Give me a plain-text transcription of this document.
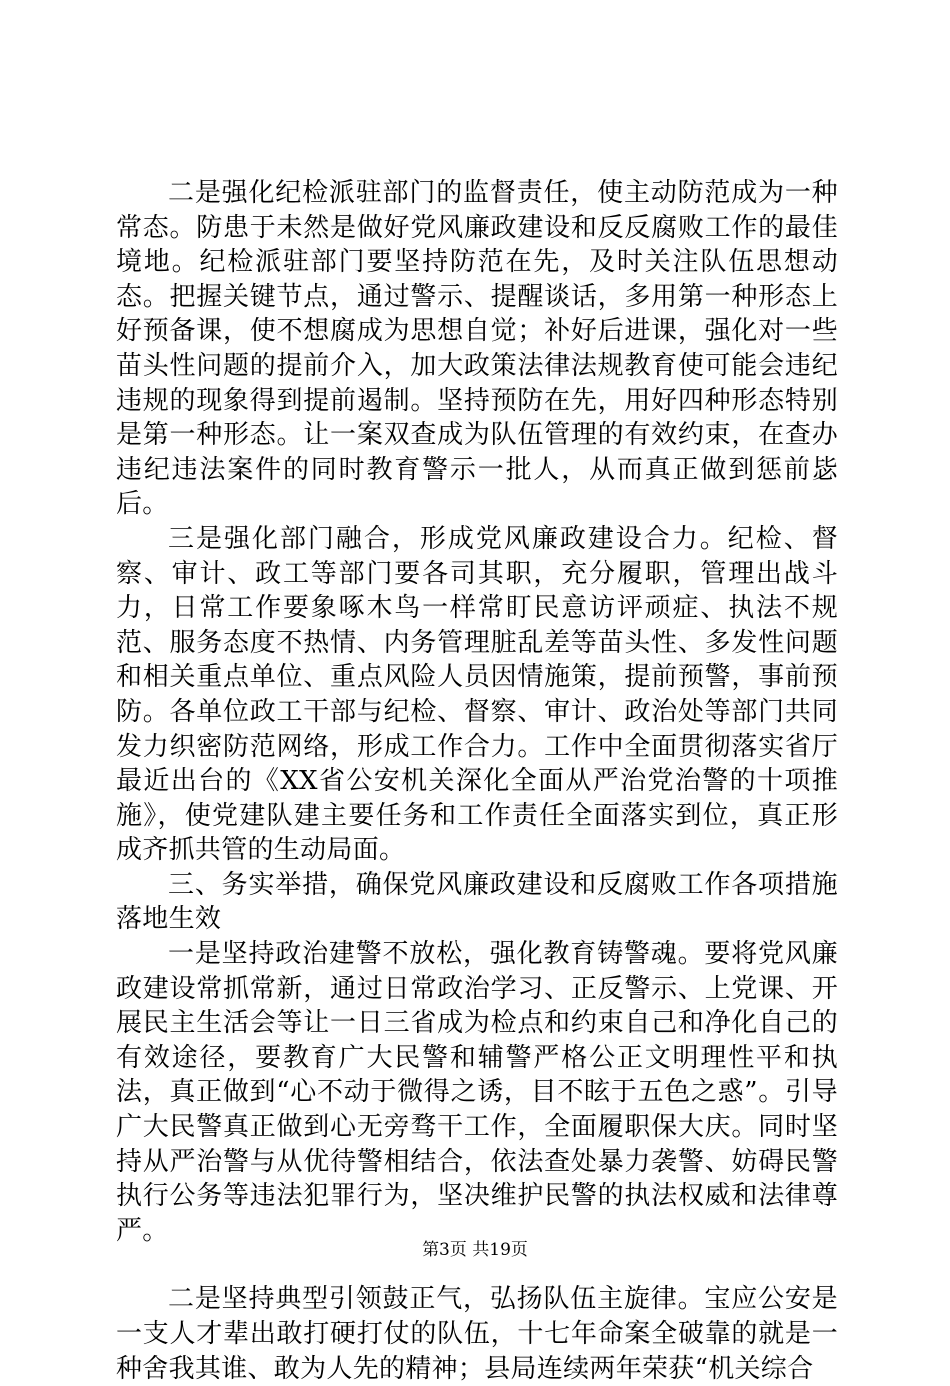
二是强化纪检派驻部门的监督责任，使主动防范成为一种常态。防患于未然是做好党风廉政建设和反反腐败工作的最佳境地。纪检派驻部门要坚持防范在先，及时关注队伍思想动态。把握关键节点，通过警示、提醒谈话，多用第一种形态上好预备课，使不想腐成为思想自觉；补好后进课，强化对一些苗头性问题的提前介入，加大政策法律法规教育使可能会违纪违规的现象得到提前遏制。坚持预防在先，用好四种形态特别是第一种形态。让一案双查成为队伍管理的有效约束，在查办违纪违法案件的同时教育警示一批人，从而真正做到惩前毖后。

三是强化部门融合，形成党风廉政建设合力。纪检、督察、审计、政工等部门要各司其职，充分履职，管理出战斗力，日常工作要象啄木鸟一样常盯民意访评顽症、执法不规范、服务态度不热情、内务管理脏乱差等苗头性、多发性问题和相关重点单位、重点风险人员因情施策，提前预警，事前预防。各单位政工干部与纪检、督察、审计、政治处等部门共同发力织密防范网络，形成工作合力。工作中全面贯彻落实省厅最近出台的《XX省公安机关深化全面从严治党治警的十项推施》，使党建队建主要任务和工作责任全面落实到位，真正形成齐抓共管的生动局面。

三、务实举措，确保党风廉政建设和反腐败工作各项措施落地生效

一是坚持政治建警不放松，强化教育铸警魂。要将党风廉政建设常抓常新，通过日常政治学习、正反警示、上党课、开展民主生活会等让一日三省成为检点和约束自己和净化自己的有效途径，要教育广大民警和辅警严格公正文明理性平和执法，真正做到“心不动于微得之诱，目不眩于五色之惑”。引导广大民警真正做到心无旁骛干工作，全面履职保大庆。同时坚持从严治警与从优待警相结合，依法查处暴力袭警、妨碍民警执行公务等违法犯罪行为，坚决维护民警的执法权威和法律尊严。

二是坚持典型引领鼓正气，弘扬队伍主旋律。宝应公安是一支人才辈出敢打硬打仗的队伍，十七年命案全破靠的就是一种舍我其谁、敢为人先的精神；县局连续两年荣获“机关综合

第3页 共19页
